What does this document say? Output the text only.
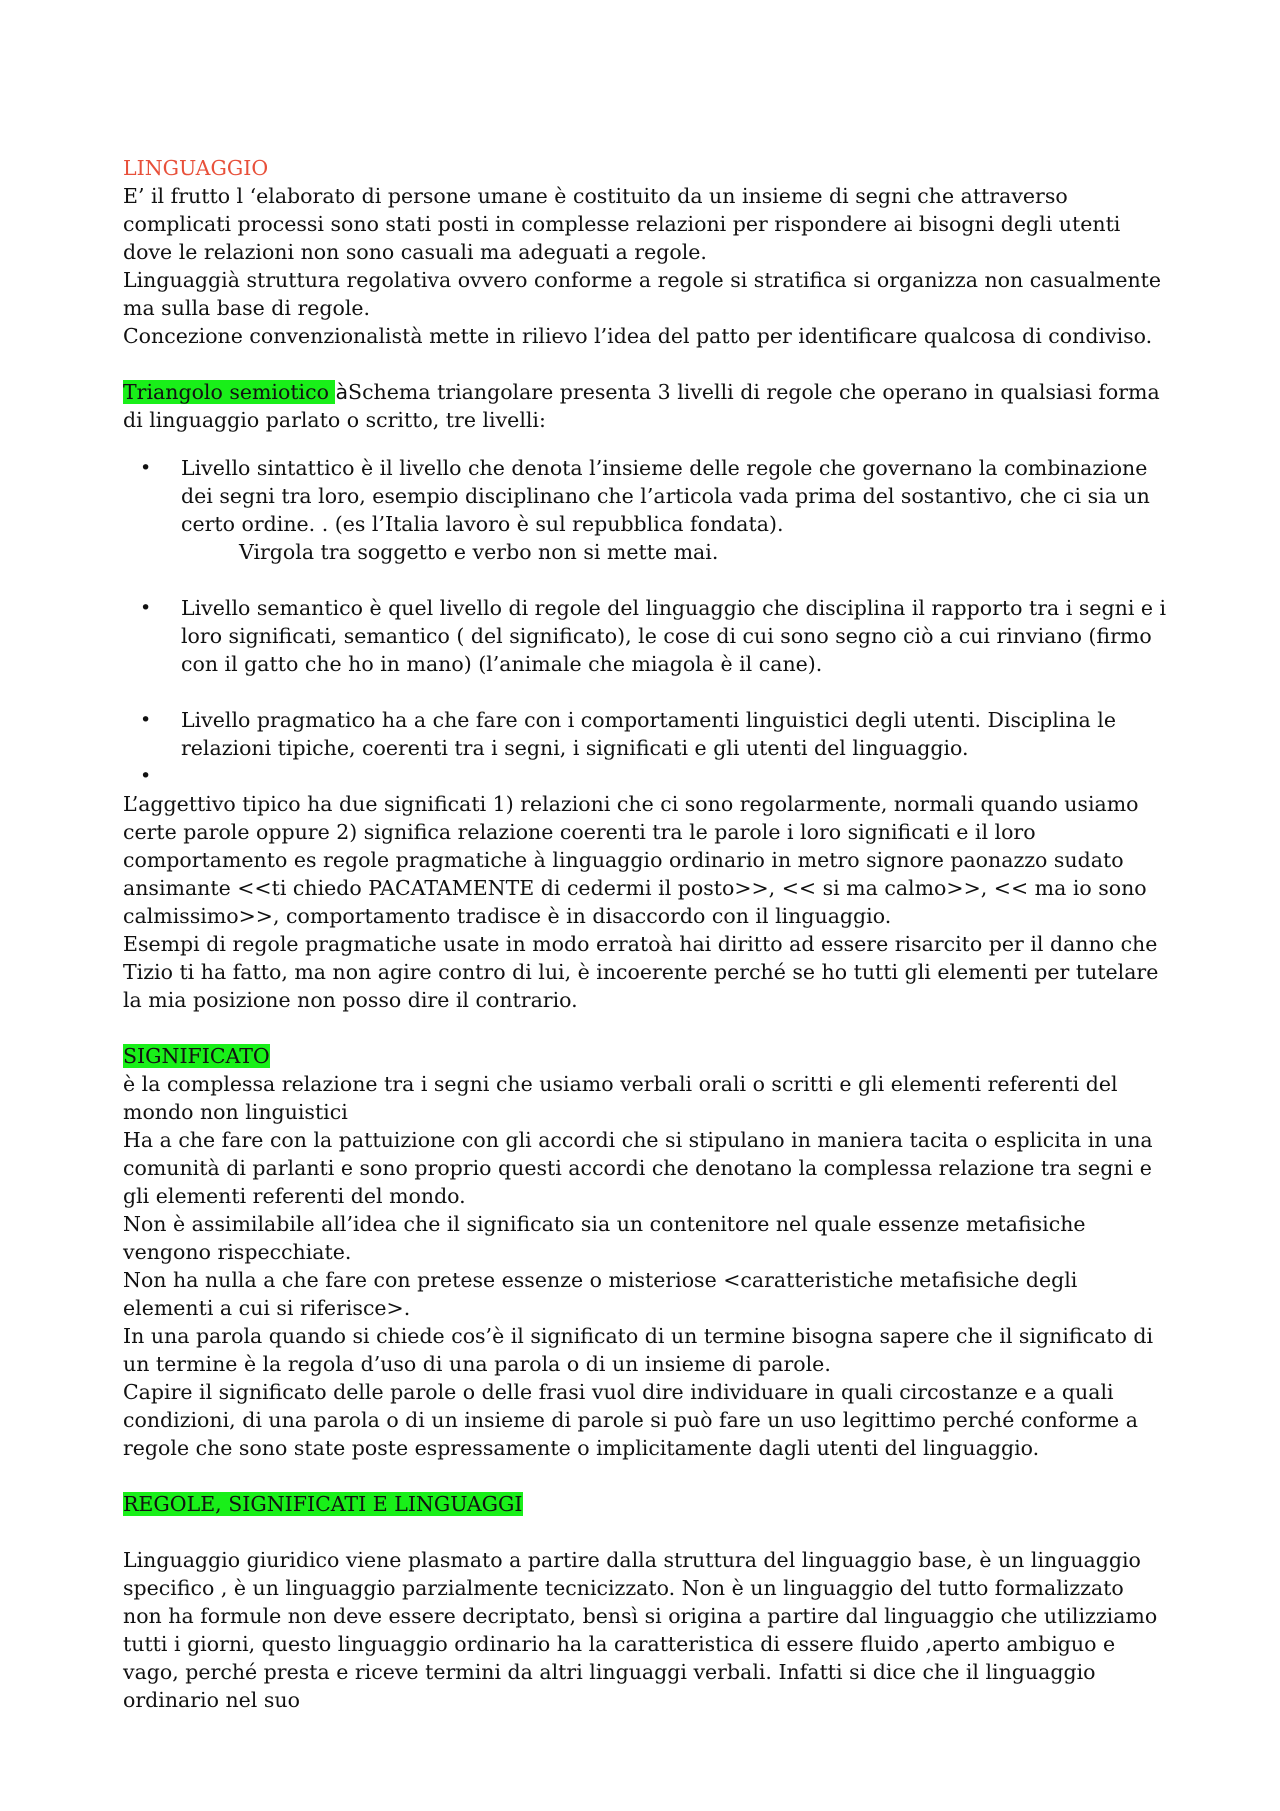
LINGUAGGIO

E’ il frutto l ‘elaborato di persone umane è costituito da un insieme di segni che attraverso complicati processi sono stati posti in complesse relazioni per rispondere ai bisogni degli utenti dove le relazioni non sono casuali ma adeguati a regole.

Linguaggià struttura regolativa ovvero conforme a regole si stratifica si organizza non casualmente ma sulla base di regole.

Concezione convenzionalistà mette in rilievo l’idea del patto per identificare qualcosa di condiviso.

Triangolo semiotico àSchema triangolare presenta 3 livelli di regole che operano in qualsiasi forma di linguaggio parlato o scritto, tre livelli:

• Livello sintattico è il livello che denota l’insieme delle regole che governano la combinazione dei segni tra loro, esempio disciplinano che l’articola vada prima del sostantivo, che ci sia un certo ordine. . (es l’Italia lavoro è sul repubblica fondata).
Virgola tra soggetto e verbo non si mette mai.
• Livello semantico è quel livello di regole del linguaggio che disciplina il rapporto tra i segni e i loro significati, semantico ( del significato), le cose di cui sono segno ciò a cui rinviano (firmo con il gatto che ho in mano) (l’animale che miagola è il cane).
• Livello pragmatico ha a che fare con i comportamenti linguistici degli utenti. Disciplina le relazioni tipiche, coerenti tra i segni, i significati e gli utenti del linguaggio.
•

L’aggettivo tipico ha due significati 1) relazioni che ci sono regolarmente, normali quando usiamo certe parole oppure 2) significa relazione coerenti tra le parole i loro significati e il loro comportamento es regole pragmatiche à linguaggio ordinario in metro signore paonazzo sudato ansimante <<ti chiedo PACATAMENTE di cedermi il posto>>, << si ma calmo>>, << ma io sono calmissimo>>, comportamento tradisce è in disaccordo con il linguaggio.

Esempi di regole pragmatiche usate in modo erratoà hai diritto ad essere risarcito per il danno che Tizio ti ha fatto, ma non agire contro di lui, è incoerente perché se ho tutti gli elementi per tutelare la mia posizione non posso dire il contrario.

SIGNIFICATO

è la complessa relazione tra i segni che usiamo verbali orali o scritti e gli elementi referenti del mondo non linguistici

Ha a che fare con la pattuizione con gli accordi che si stipulano in maniera tacita o esplicita in una comunità di parlanti e sono proprio questi accordi che denotano la complessa relazione tra segni e gli elementi referenti del mondo.

Non è assimilabile all’idea che il significato sia un contenitore nel quale essenze metafisiche vengono rispecchiate.

Non ha nulla a che fare con pretese essenze o misteriose <caratteristiche metafisiche degli elementi a cui si riferisce>.

In una parola quando si chiede cos’è il significato di un termine bisogna sapere che il significato di un termine è la regola d’uso di una parola o di un insieme di parole.

Capire il significato delle parole o delle frasi vuol dire individuare in quali circostanze e a quali condizioni, di una parola o di un insieme di parole si può fare un uso legittimo perché conforme a regole che sono state poste espressamente o implicitamente dagli utenti del linguaggio.

REGOLE, SIGNIFICATI E LINGUAGGI

Linguaggio giuridico viene plasmato a partire dalla struttura del linguaggio base, è un linguaggio specifico , è un linguaggio parzialmente tecnicizzato. Non è un linguaggio del tutto formalizzato non ha formule non deve essere decriptato, bensì si origina a partire dal linguaggio che utilizziamo tutti i giorni, questo linguaggio ordinario ha la caratteristica di essere fluido ,aperto ambiguo e vago, perché presta e riceve termini da altri linguaggi verbali. Infatti si dice che il linguaggio ordinario nel suo
